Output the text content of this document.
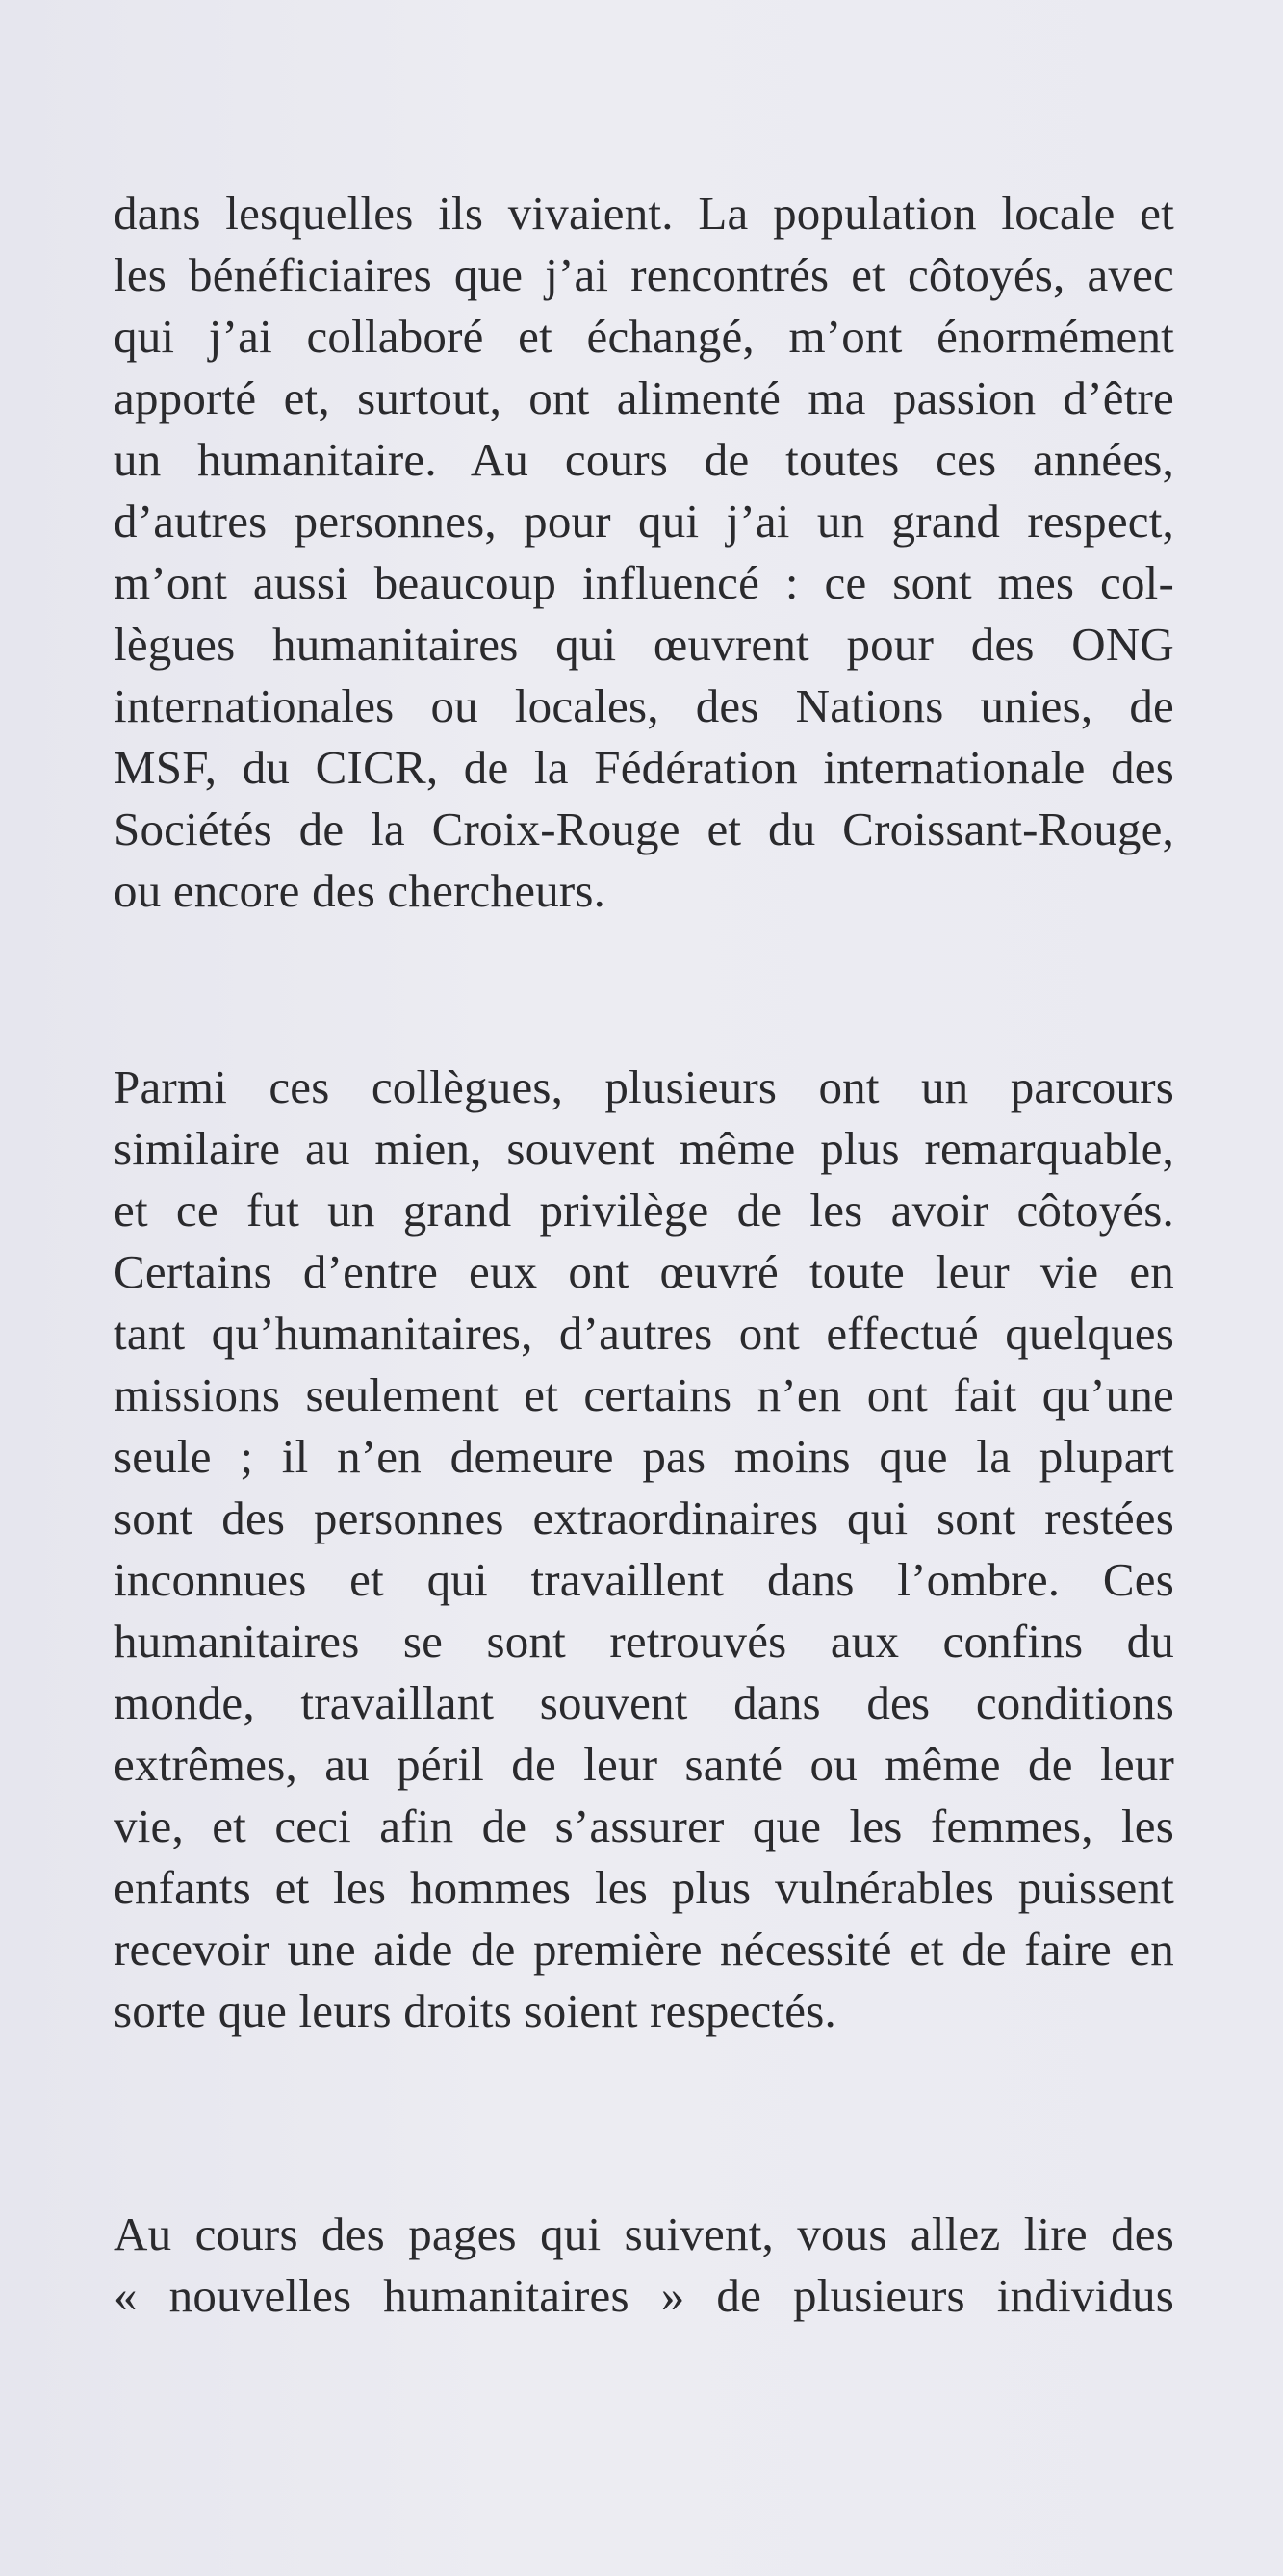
dans lesquelles ils vivaient. La population locale et
les bénéficiaires que j’ai rencontrés et côtoyés, avec
qui j’ai collaboré et échangé, m’ont énormément
apporté et, surtout, ont alimenté ma passion d’être
un humanitaire. Au cours de toutes ces années,
d’autres personnes, pour qui j’ai un grand respect,
m’ont aussi beaucoup influencé : ce sont mes col-
lègues humanitaires qui œuvrent pour des ONG
internationales ou locales, des Nations unies, de
MSF, du CICR, de la Fédération internationale des
Sociétés de la Croix-Rouge et du Croissant-Rouge,
ou encore des chercheurs.
Parmi ces collègues, plusieurs ont un parcours
similaire au mien, souvent même plus remarquable,
et ce fut un grand privilège de les avoir côtoyés.
Certains d’entre eux ont œuvré toute leur vie en
tant qu’humanitaires, d’autres ont effectué quelques
missions seulement et certains n’en ont fait qu’une
seule ; il n’en demeure pas moins que la plupart
sont des personnes extraordinaires qui sont restées
inconnues et qui travaillent dans l’ombre. Ces
humanitaires se sont retrouvés aux confins du
monde, travaillant souvent dans des conditions
extrêmes, au péril de leur santé ou même de leur
vie, et ceci afin de s’assurer que les femmes, les
enfants et les hommes les plus vulnérables puissent
recevoir une aide de première nécessité et de faire en
sorte que leurs droits soient respectés.
Au cours des pages qui suivent, vous allez lire des
« nouvelles humanitaires » de plusieurs individus
